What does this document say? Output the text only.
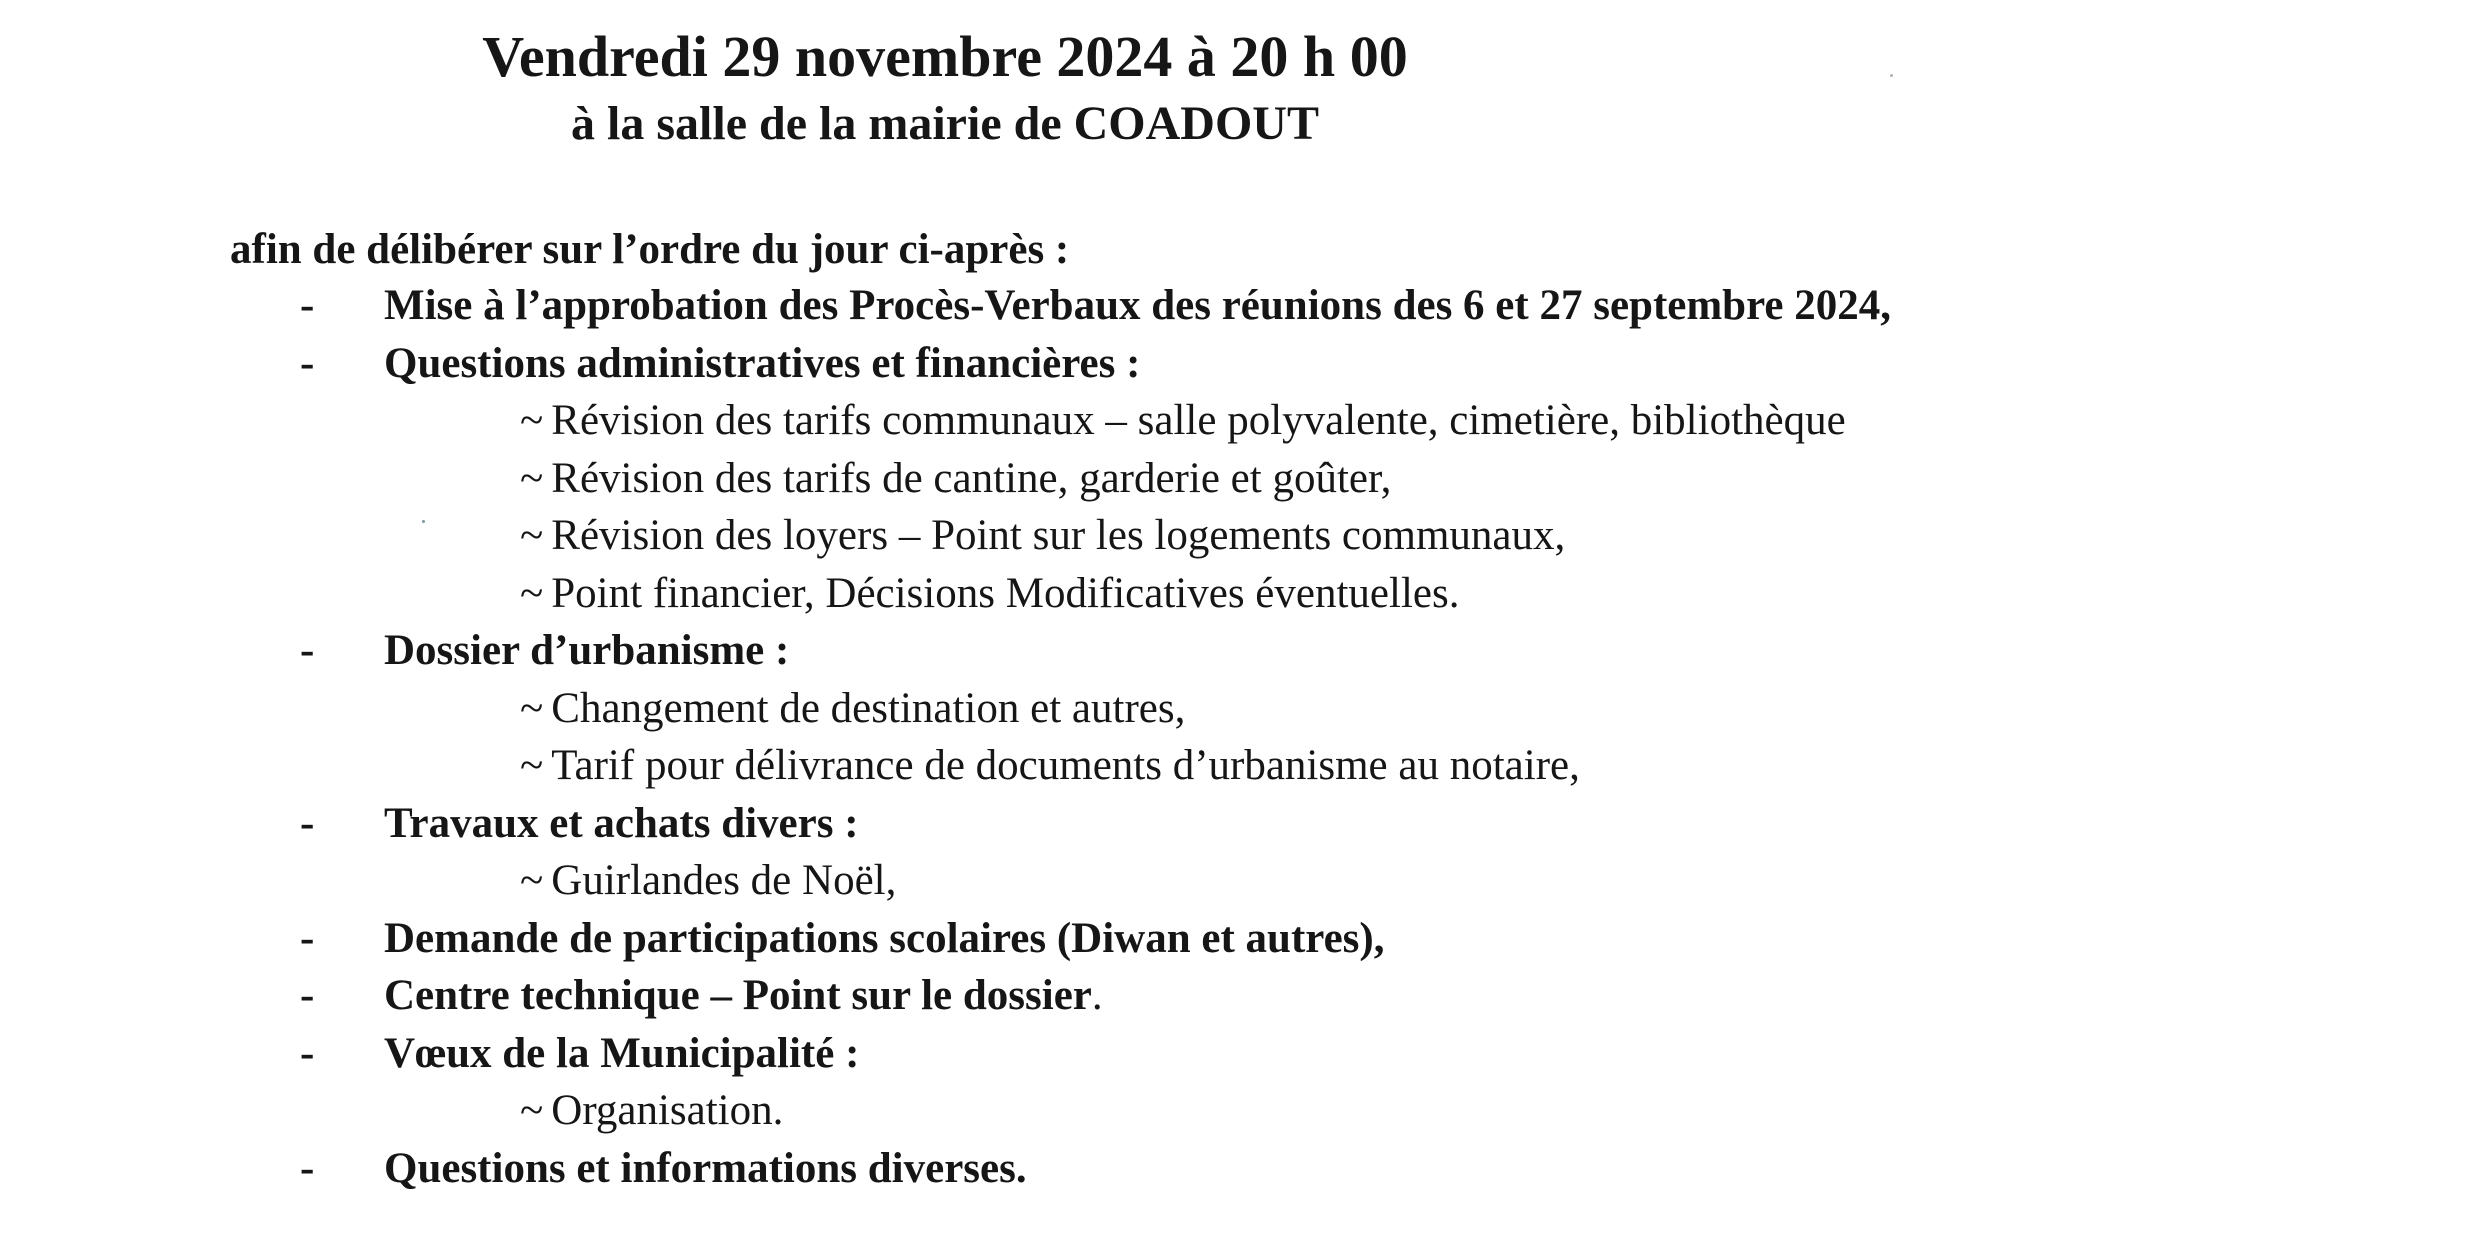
Vendredi 29 novembre 2024 à 20 h 00
à la salle de la mairie de COADOUT
afin de délibérer sur l’ordre du jour ci-après :
- Mise à l’approbation des Procès-Verbaux des réunions des 6 et 27 septembre 2024,
- Questions administratives et financières :
~ Révision des tarifs communaux – salle polyvalente, cimetière, bibliothèque
~ Révision des tarifs de cantine, garderie et goûter,
~ Révision des loyers – Point sur les logements communaux,
~ Point financier, Décisions Modificatives éventuelles.
- Dossier d’urbanisme :
~ Changement de destination et autres,
~ Tarif pour délivrance de documents d’urbanisme au notaire,
- Travaux et achats divers :
~ Guirlandes de Noël,
- Demande de participations scolaires (Diwan et autres),
- Centre technique – Point sur le dossier.
- Vœux de la Municipalité :
~ Organisation.
- Questions et informations diverses.
